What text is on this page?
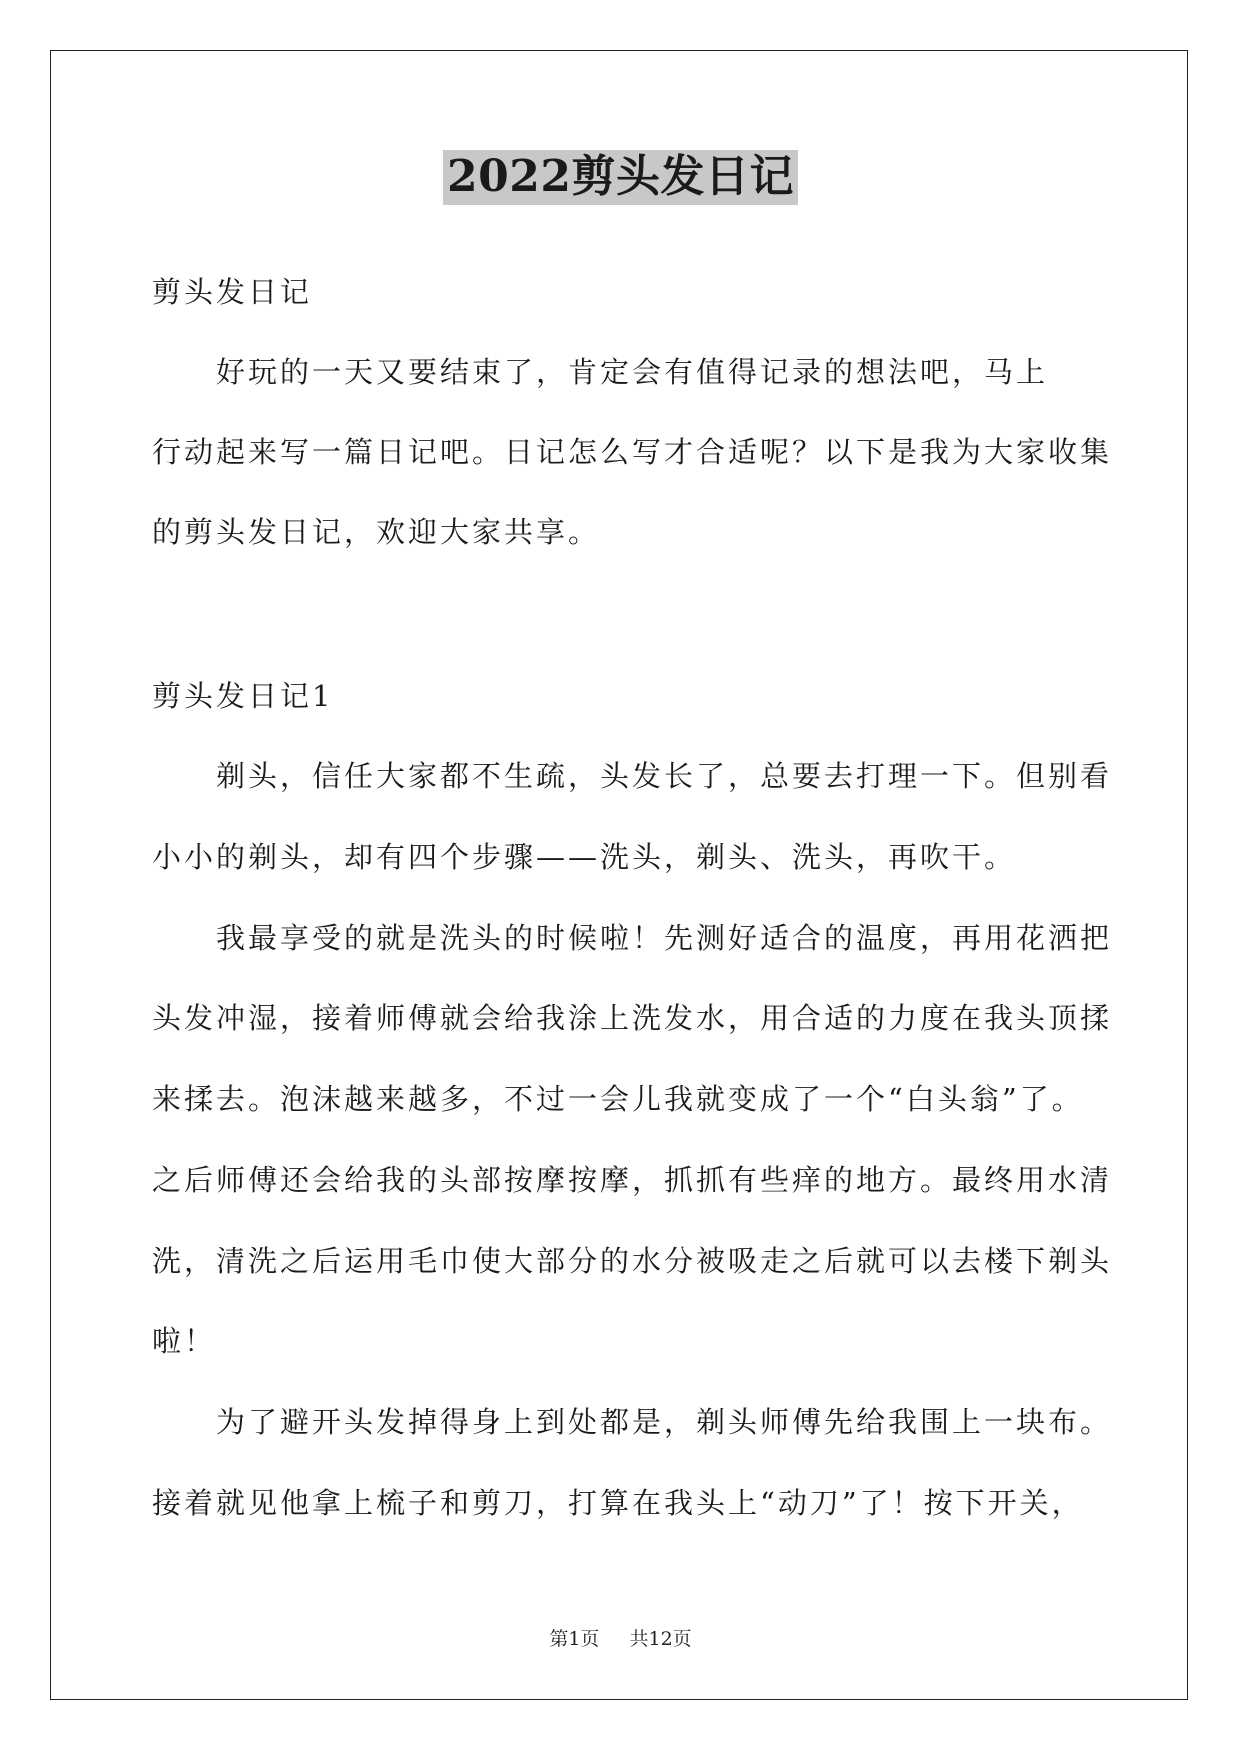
2022剪头发日记
剪头发日记
　　好玩的一天又要结束了，肯定会有值得记录的想法吧，马上
行动起来写一篇日记吧。日记怎么写才合适呢？以下是我为大家收集
的剪头发日记，欢迎大家共享。
剪头发日记1
　　剃头，信任大家都不生疏，头发长了，总要去打理一下。但别看
小小的剃头，却有四个步骤——洗头，剃头、洗头，再吹干。
　　我最享受的就是洗头的时候啦！先测好适合的温度，再用花洒把
头发冲湿，接着师傅就会给我涂上洗发水，用合适的力度在我头顶揉
来揉去。泡沫越来越多，不过一会儿我就变成了一个“白头翁”了。
之后师傅还会给我的头部按摩按摩，抓抓有些痒的地方。最终用水清
洗，清洗之后运用毛巾使大部分的水分被吸走之后就可以去楼下剃头
啦！
　　为了避开头发掉得身上到处都是，剃头师傅先给我围上一块布。
接着就见他拿上梳子和剪刀，打算在我头上“动刀”了！按下开关，
第1页 共12页
